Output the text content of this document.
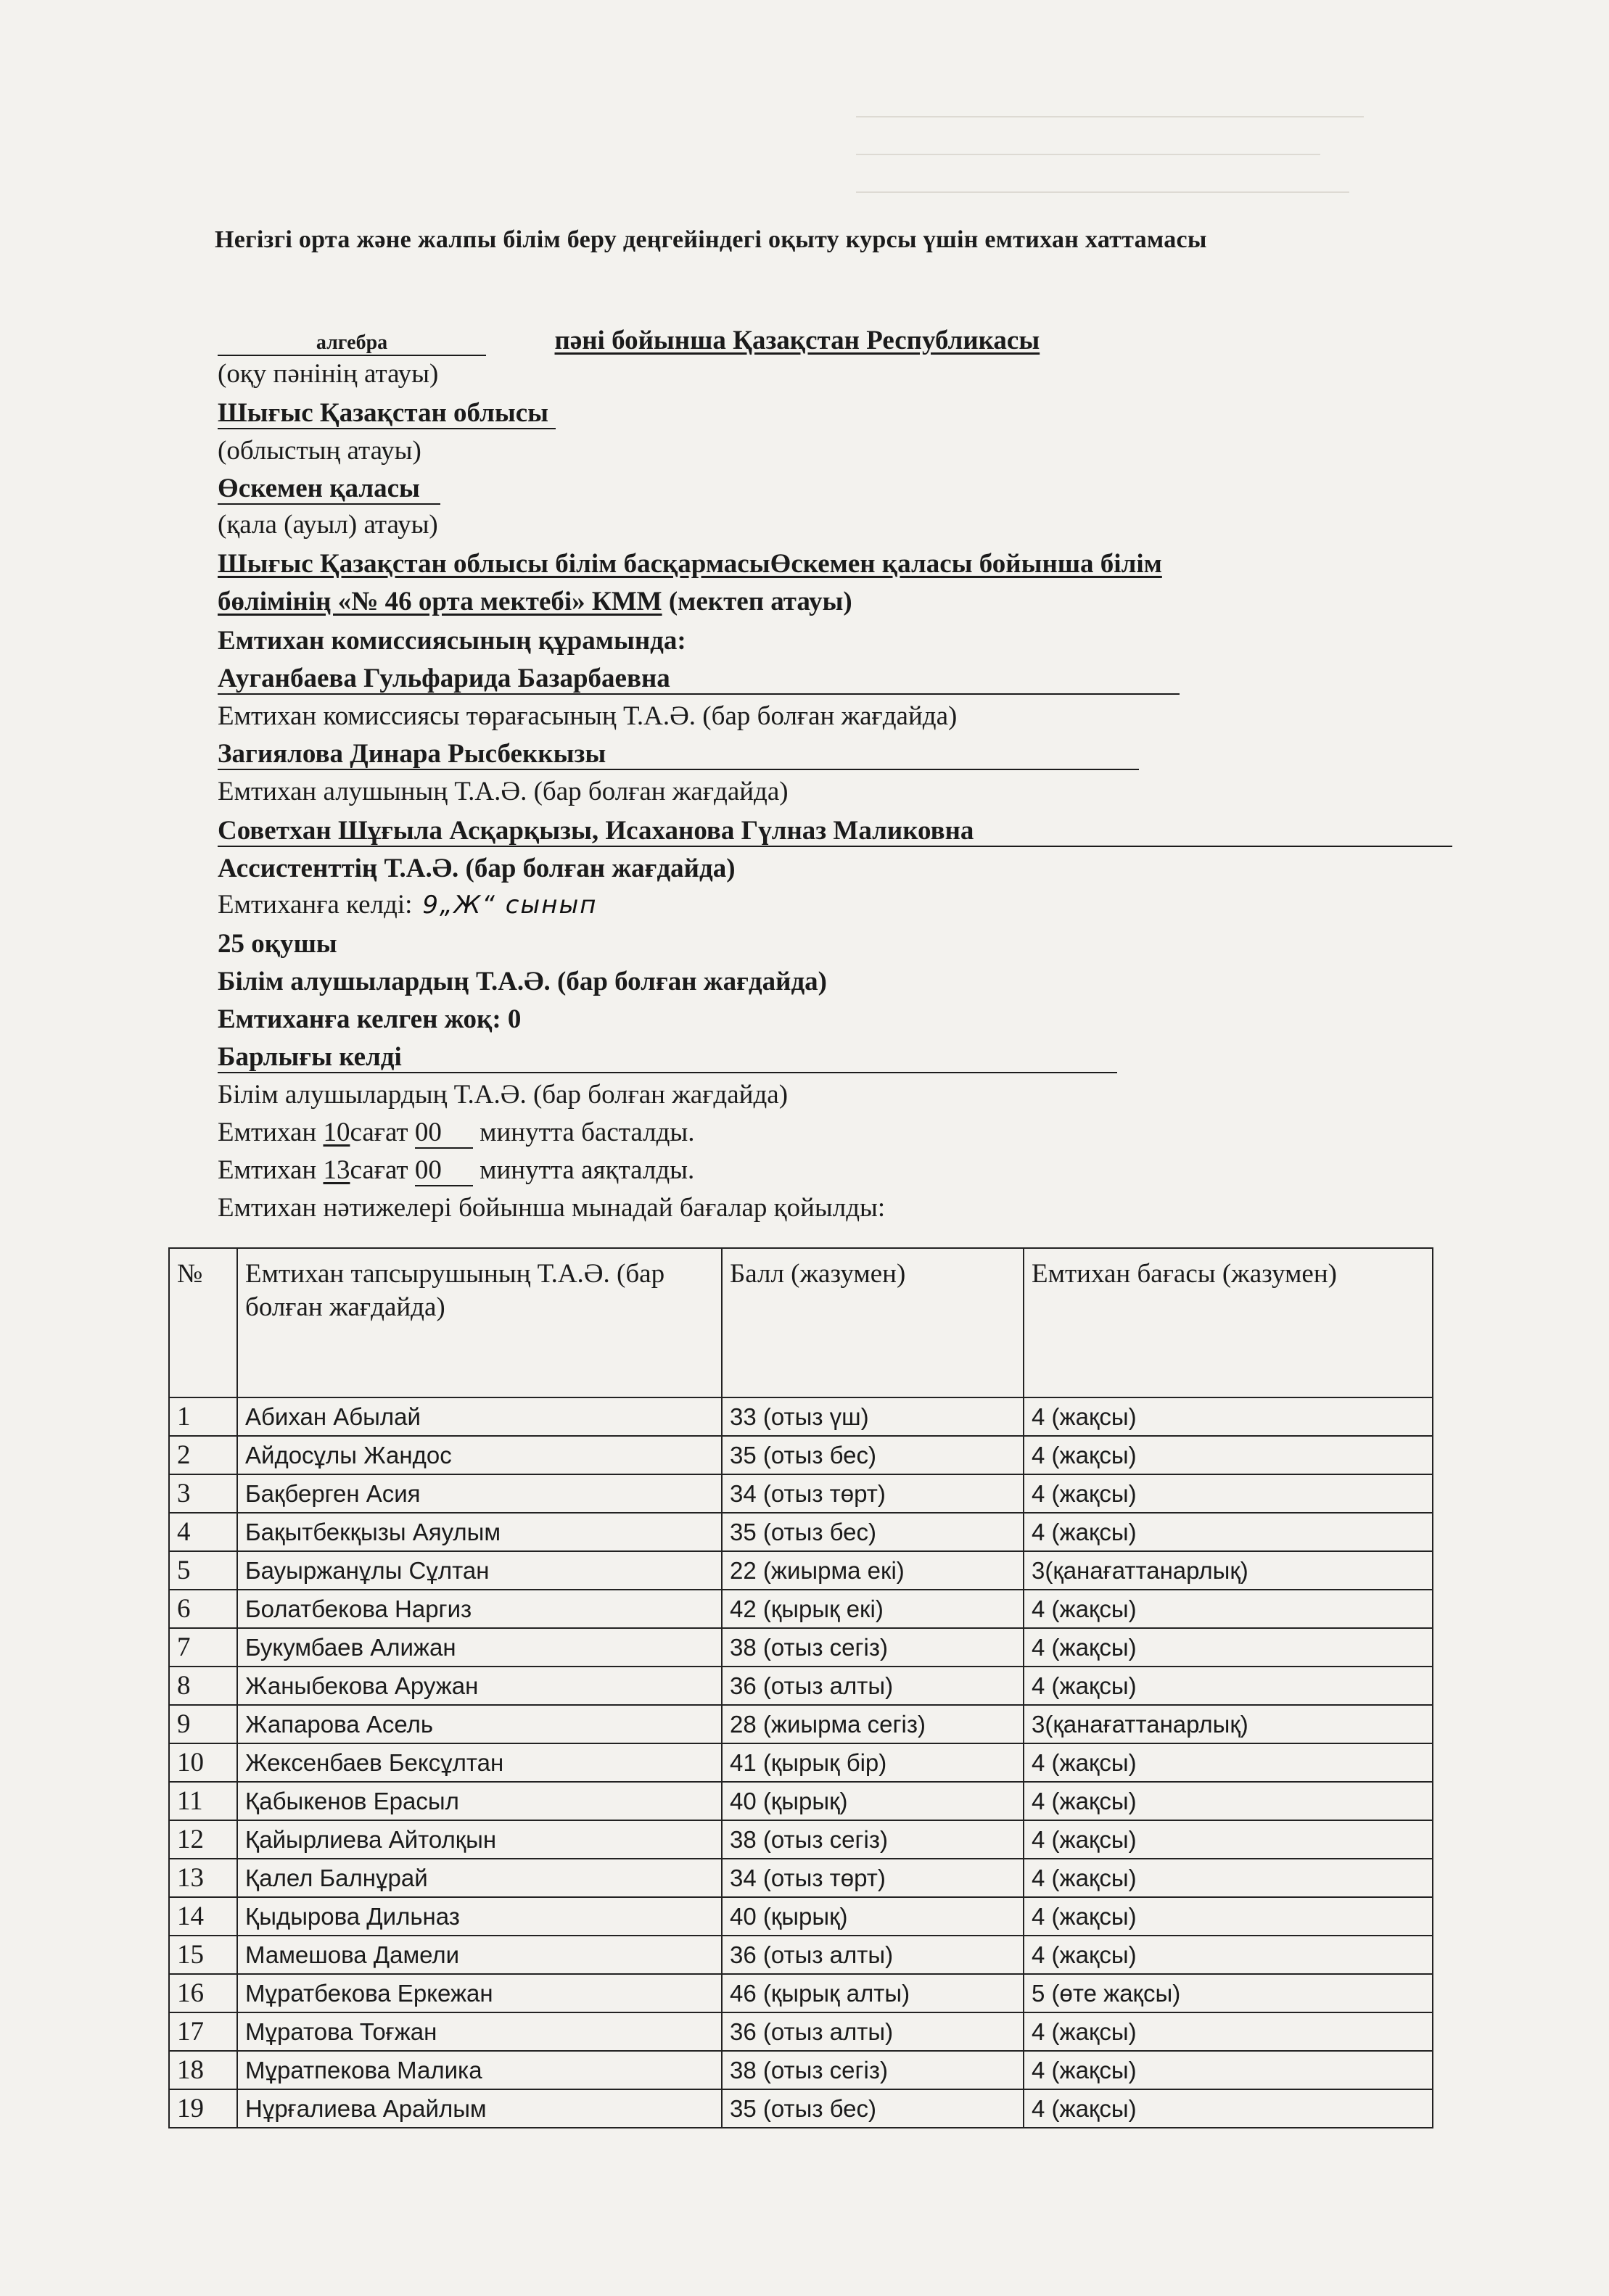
Негізгі орта және жалпы білім беру деңгейіндегі оқыту курсы үшін емтихан хаттамасы
алгебра	пәні бойынша Қазақстан Республикасы
(оқу пәнінің атауы)
Шығыс Қазақстан облысы
(облыстың атауы)
Өскемен қаласы
(қала (ауыл) атауы)
Шығыс Қазақстан облысы білім басқармасыӨскемен қаласы бойынша білім
бөлімінің «№ 46 орта мектебі» КММ (мектеп атауы)
Емтихан комиссиясының құрамында:
Ауганбаева Гульфарида Базарбаевна
Емтихан комиссиясы төрағасының Т.А.Ә. (бар болған жағдайда)
Загиялова Динара Рысбеккызы
Емтихан алушының Т.А.Ә. (бар болған жағдайда)
Советхан Шұғыла Асқарқызы, Исаханова Гүлназ Маликовна
Ассистенттің Т.А.Ә. (бар болған жағдайда)
Емтиханға келді: 9„Ж“ сынып
25 оқушы
Білім алушылардың Т.А.Ә. (бар болған жағдайда)
Емтиханға келген жоқ: 0
Барлығы келді
Білім алушылардың Т.А.Ә. (бар болған жағдайда)
Емтихан 10сағат 00 минутта басталды.
Емтихан 13сағат 00 минутта аяқталды.
Емтихан нәтижелері бойынша мынадай бағалар қойылды:
№	Емтихан тапсырушының Т.А.Ә. (бар болған жағдайда)	Балл (жазумен)	Емтихан бағасы (жазумен)
1	Абихан Абылай	33 (отыз үш)	4 (жақсы)
2	Айдосұлы Жандос	35 (отыз бес)	4 (жақсы)
3	Бақберген Асия	34 (отыз төрт)	4 (жақсы)
4	Бақытбекқызы Аяулым	35 (отыз бес)	4 (жақсы)
5	Бауыржанұлы Сұлтан	22 (жиырма екі)	3(қанағаттанарлық)
6	Болатбекова Наргиз	42 (қырық екі)	4 (жақсы)
7	Букумбаев Алижан	38 (отыз сегіз)	4 (жақсы)
8	Жаныбекова Аружан	36 (отыз алты)	4 (жақсы)
9	Жапарова Асель	28 (жиырма сегіз)	3(қанағаттанарлық)
10	Жексенбаев Бексұлтан	41 (қырық бір)	4 (жақсы)
11	Қабыкенов Ерасыл	40 (қырық)	4 (жақсы)
12	Қайырлиева Айтолқын	38 (отыз сегіз)	4 (жақсы)
13	Қалел Балнұрай	34 (отыз төрт)	4 (жақсы)
14	Қыдырова Дильназ	40 (қырық)	4 (жақсы)
15	Мамешова Дамели	36 (отыз алты)	4 (жақсы)
16	Мұратбекова Еркежан	46 (қырық алты)	5 (өте жақсы)
17	Мұратова Тоғжан	36 (отыз алты)	4 (жақсы)
18	Мұратпекова Малика	38 (отыз сегіз)	4 (жақсы)
19	Нұрғалиева Арайлым	35 (отыз бес)	4 (жақсы)
